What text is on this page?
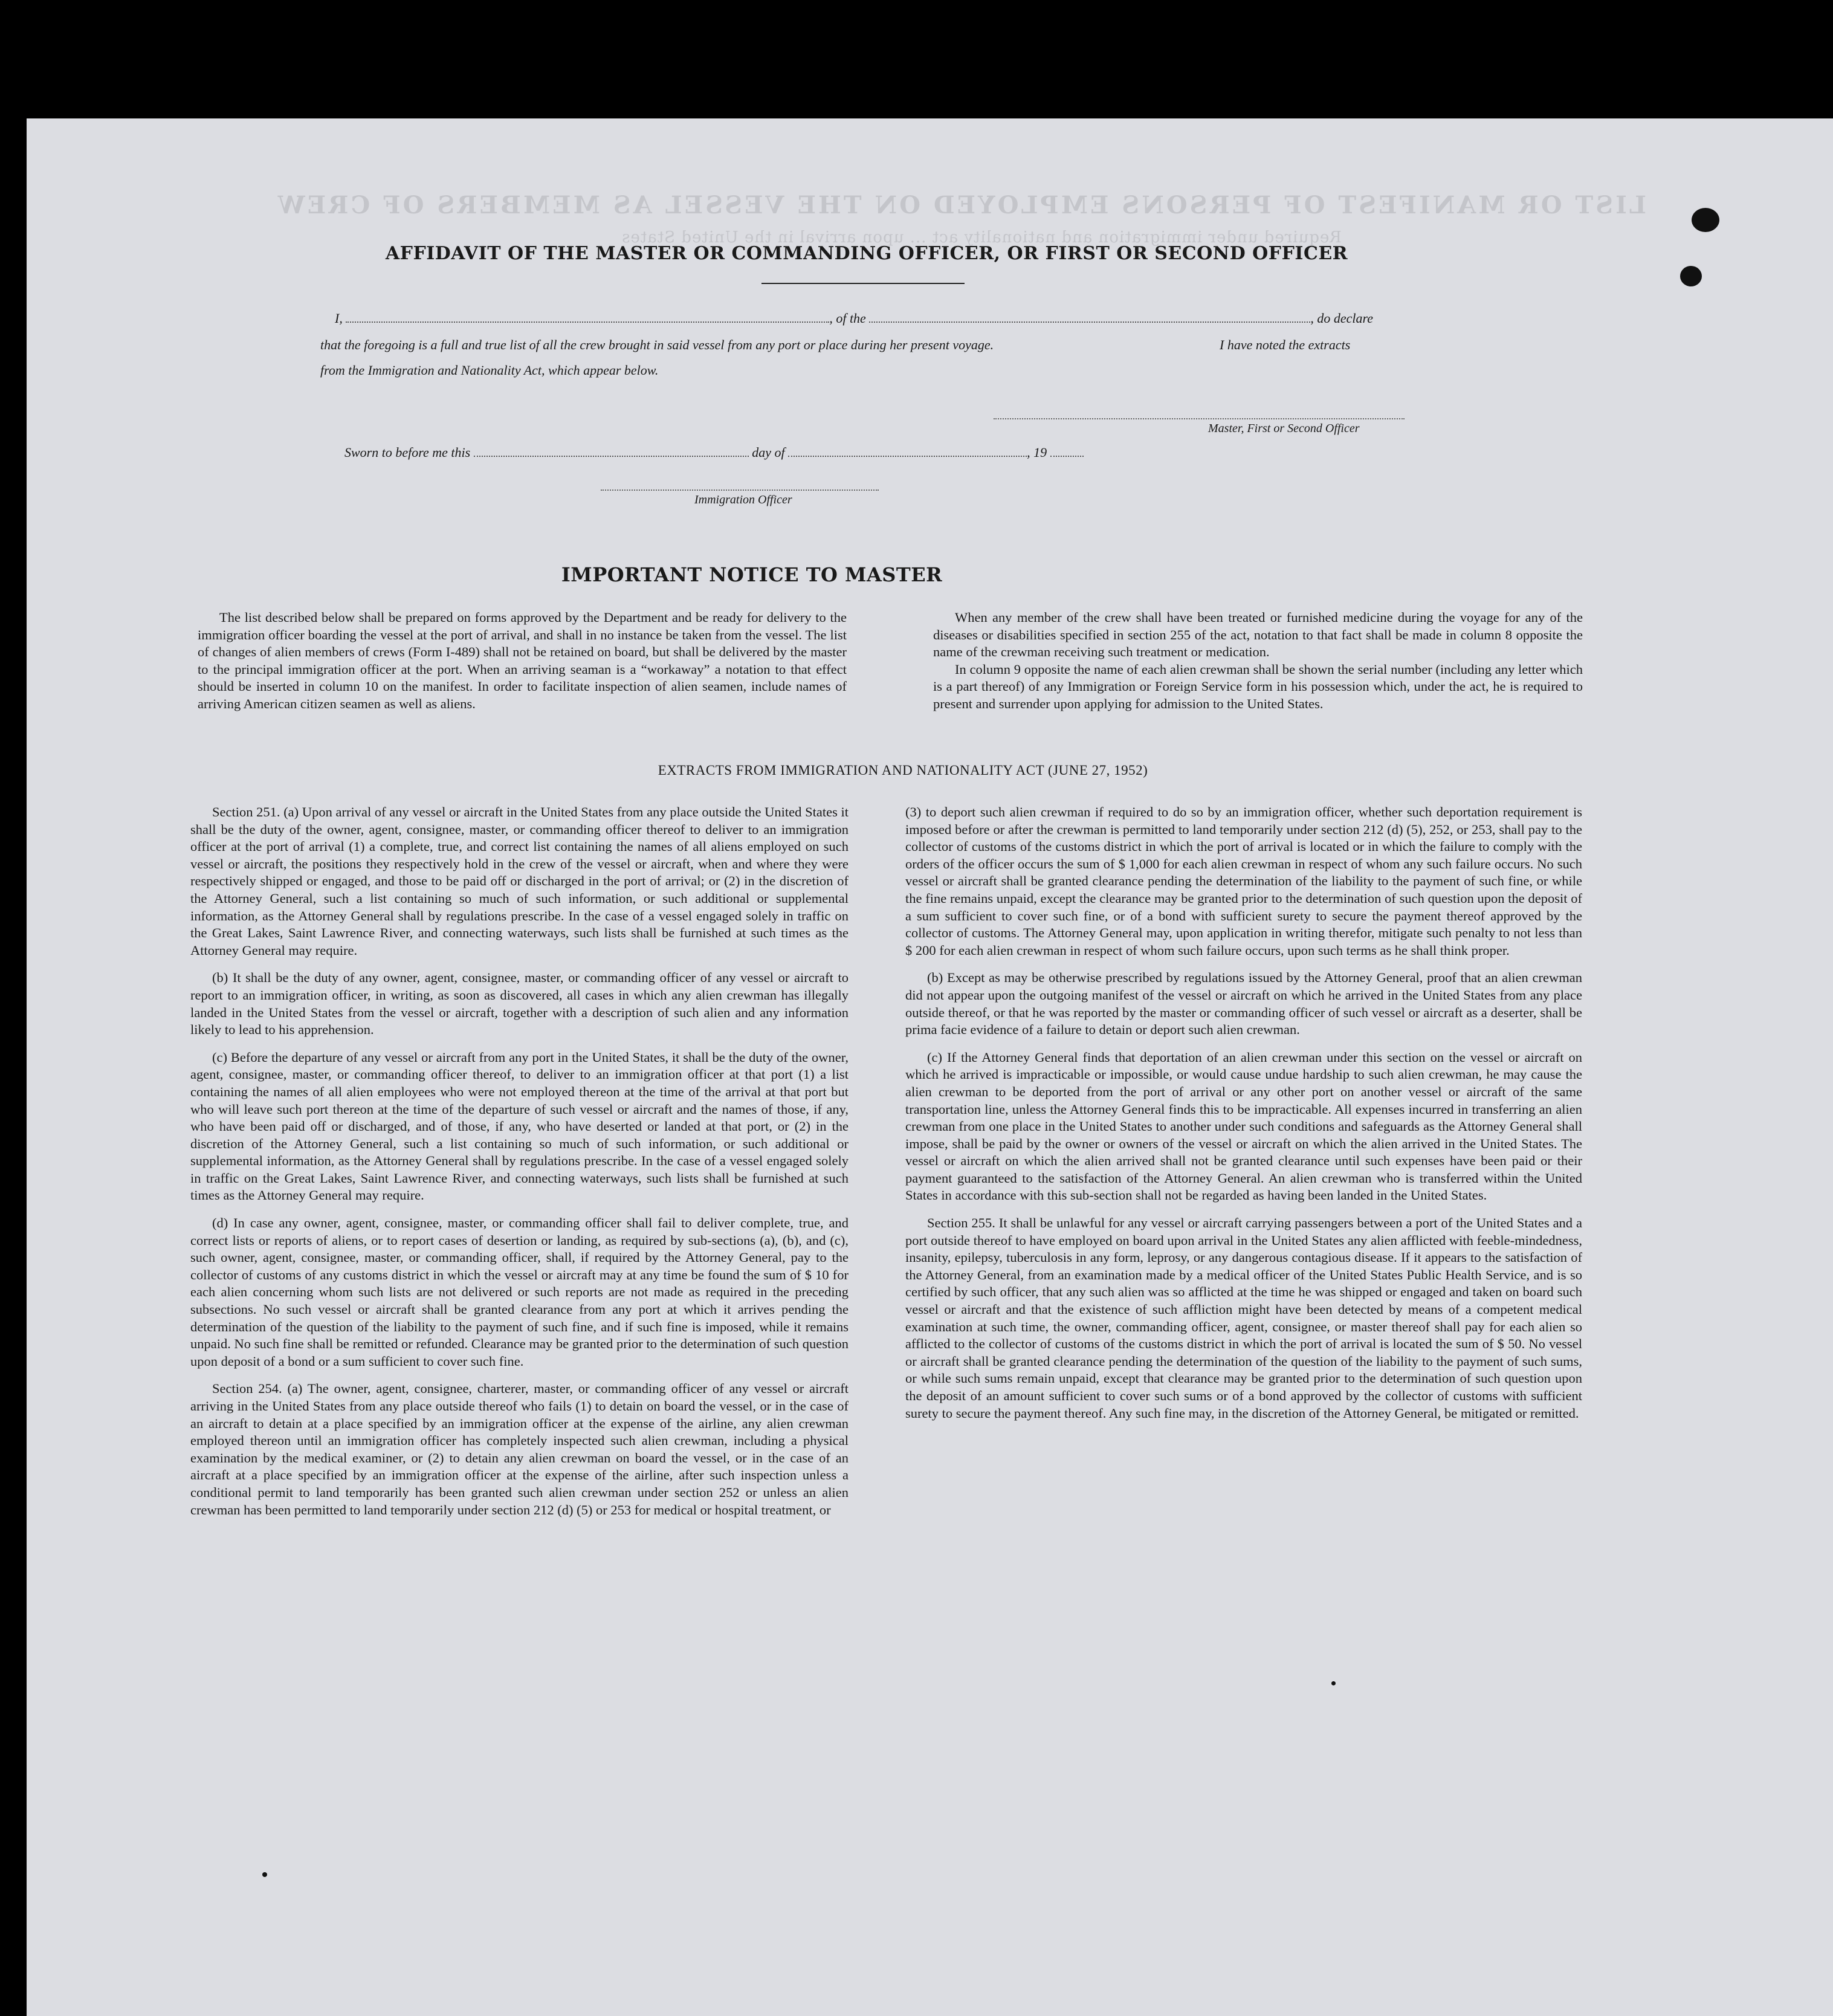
LIST OR MANIFEST OF PERSONS EMPLOYED ON THE VESSEL AS MEMBERS OF CREW
Required under immigration and nationality act ... upon arrival in the United States
AFFIDAVIT OF THE MASTER OR COMMANDING OFFICER, OR FIRST OR SECOND OFFICER
I,	, of the	, do declare
that the foregoing is a full and true list of all the crew brought in said vessel from any port or place during her present voyage.	I have noted the extracts
from the Immigration and Nationality Act, which appear below.
Master, First or Second Officer
Sworn to before me this	day of	, 19
Immigration Officer
IMPORTANT NOTICE TO MASTER

The list described below shall be prepared on forms approved by the Department and be ready for delivery to the immigration officer boarding the vessel at the port of arrival, and shall in no instance be taken from the vessel. The list of changes of alien members of crews (Form I-489) shall not be retained on board, but shall be delivered by the master to the principal immigration officer at the port. When an arriving seaman is a “workaway” a notation to that effect should be inserted in column 10 on the manifest. In order to facilitate inspection of alien seamen, include names of arriving American citizen seamen as well as aliens.

When any member of the crew shall have been treated or furnished medicine during the voyage for any of the diseases or disabilities specified in section 255 of the act, notation to that fact shall be made in column 8 opposite the name of the crewman receiving such treatment or medication.

In column 9 opposite the name of each alien crewman shall be shown the serial number (including any letter which is a part thereof) of any Immigration or Foreign Service form in his possession which, under the act, he is required to present and surrender upon applying for admission to the United States.

EXTRACTS FROM IMMIGRATION AND NATIONALITY ACT (JUNE 27, 1952)

Section 251. (a) Upon arrival of any vessel or aircraft in the United States from any place outside the United States it shall be the duty of the owner, agent, consignee, master, or commanding officer thereof to deliver to an immigration officer at the port of arrival (1) a complete, true, and correct list containing the names of all aliens employed on such vessel or aircraft, the positions they respectively hold in the crew of the vessel or aircraft, when and where they were respectively shipped or engaged, and those to be paid off or discharged in the port of arrival; or (2) in the discretion of the Attorney General, such a list containing so much of such information, or such additional or supplemental information, as the Attorney General shall by regulations prescribe. In the case of a vessel engaged solely in traffic on the Great Lakes, Saint Lawrence River, and connecting waterways, such lists shall be furnished at such times as the Attorney General may require.

(b) It shall be the duty of any owner, agent, consignee, master, or commanding officer of any vessel or aircraft to report to an immigration officer, in writing, as soon as discovered, all cases in which any alien crewman has illegally landed in the United States from the vessel or aircraft, together with a description of such alien and any information likely to lead to his apprehension.

(c) Before the departure of any vessel or aircraft from any port in the United States, it shall be the duty of the owner, agent, consignee, master, or commanding officer thereof, to deliver to an immigration officer at that port (1) a list containing the names of all alien employees who were not employed thereon at the time of the arrival at that port but who will leave such port thereon at the time of the departure of such vessel or aircraft and the names of those, if any, who have been paid off or discharged, and of those, if any, who have deserted or landed at that port, or (2) in the discretion of the Attorney General, such a list containing so much of such information, or such additional or supplemental information, as the Attorney General shall by regulations prescribe. In the case of a vessel engaged solely in traffic on the Great Lakes, Saint Lawrence River, and connecting waterways, such lists shall be furnished at such times as the Attorney General may require.

(d) In case any owner, agent, consignee, master, or commanding officer shall fail to deliver complete, true, and correct lists or reports of aliens, or to report cases of desertion or landing, as required by sub-sections (a), (b), and (c), such owner, agent, consignee, master, or commanding officer, shall, if required by the Attorney General, pay to the collector of customs of any customs district in which the vessel or aircraft may at any time be found the sum of $ 10 for each alien concerning whom such lists are not delivered or such reports are not made as required in the preceding subsections. No such vessel or aircraft shall be granted clearance from any port at which it arrives pending the determination of the question of the liability to the payment of such fine, and if such fine is imposed, while it remains unpaid. No such fine shall be remitted or refunded. Clearance may be granted prior to the determination of such question upon deposit of a bond or a sum sufficient to cover such fine.

Section 254. (a) The owner, agent, consignee, charterer, master, or commanding officer of any vessel or aircraft arriving in the United States from any place outside thereof who fails (1) to detain on board the vessel, or in the case of an aircraft to detain at a place specified by an immigration officer at the expense of the airline, any alien crewman employed thereon until an immigration officer has completely inspected such alien crewman, including a physical examination by the medical examiner, or (2) to detain any alien crewman on board the vessel, or in the case of an aircraft at a place specified by an immigration officer at the expense of the airline, after such inspection unless a conditional permit to land temporarily has been granted such alien crewman under section 252 or unless an alien crewman has been permitted to land temporarily under section 212 (d) (5) or 253 for medical or hospital treatment, or

(3) to deport such alien crewman if required to do so by an immigration officer, whether such deportation requirement is imposed before or after the crewman is permitted to land temporarily under section 212 (d) (5), 252, or 253, shall pay to the collector of customs of the customs district in which the port of arrival is located or in which the failure to comply with the orders of the officer occurs the sum of $ 1,000 for each alien crewman in respect of whom any such failure occurs. No such vessel or aircraft shall be granted clearance pending the determination of the liability to the payment of such fine, or while the fine remains unpaid, except the clearance may be granted prior to the determination of such question upon the deposit of a sum sufficient to cover such fine, or of a bond with sufficient surety to secure the payment thereof approved by the collector of customs. The Attorney General may, upon application in writing therefor, mitigate such penalty to not less than $ 200 for each alien crewman in respect of whom such failure occurs, upon such terms as he shall think proper.

(b) Except as may be otherwise prescribed by regulations issued by the Attorney General, proof that an alien crewman did not appear upon the outgoing manifest of the vessel or aircraft on which he arrived in the United States from any place outside thereof, or that he was reported by the master or commanding officer of such vessel or aircraft as a deserter, shall be prima facie evidence of a failure to detain or deport such alien crewman.

(c) If the Attorney General finds that deportation of an alien crewman under this section on the vessel or aircraft on which he arrived is impracticable or impossible, or would cause undue hardship to such alien crewman, he may cause the alien crewman to be deported from the port of arrival or any other port on another vessel or aircraft of the same transportation line, unless the Attorney General finds this to be impracticable. All expenses incurred in transferring an alien crewman from one place in the United States to another under such conditions and safeguards as the Attorney General shall impose, shall be paid by the owner or owners of the vessel or aircraft on which the alien arrived in the United States. The vessel or aircraft on which the alien arrived shall not be granted clearance until such expenses have been paid or their payment guaranteed to the satisfaction of the Attorney General. An alien crewman who is transferred within the United States in accordance with this sub-section shall not be regarded as having been landed in the United States.

Section 255. It shall be unlawful for any vessel or aircraft carrying passengers between a port of the United States and a port outside thereof to have employed on board upon arrival in the United States any alien afflicted with feeble-mindedness, insanity, epilepsy, tuberculosis in any form, leprosy, or any dangerous contagious disease. If it appears to the satisfaction of the Attorney General, from an examination made by a medical officer of the United States Public Health Service, and is so certified by such officer, that any such alien was so afflicted at the time he was shipped or engaged and taken on board such vessel or aircraft and that the existence of such affliction might have been detected by means of a competent medical examination at such time, the owner, commanding officer, agent, consignee, or master thereof shall pay for each alien so afflicted to the collector of customs of the customs district in which the port of arrival is located the sum of $ 50. No vessel or aircraft shall be granted clearance pending the determination of the question of the liability to the payment of such sums, or while such sums remain unpaid, except that clearance may be granted prior to the determination of such question upon the deposit of an amount sufficient to cover such sums or of a bond approved by the collector of customs with sufficient surety to secure the payment thereof. Any such fine may, in the discretion of the Attorney General, be mitigated or remitted.
